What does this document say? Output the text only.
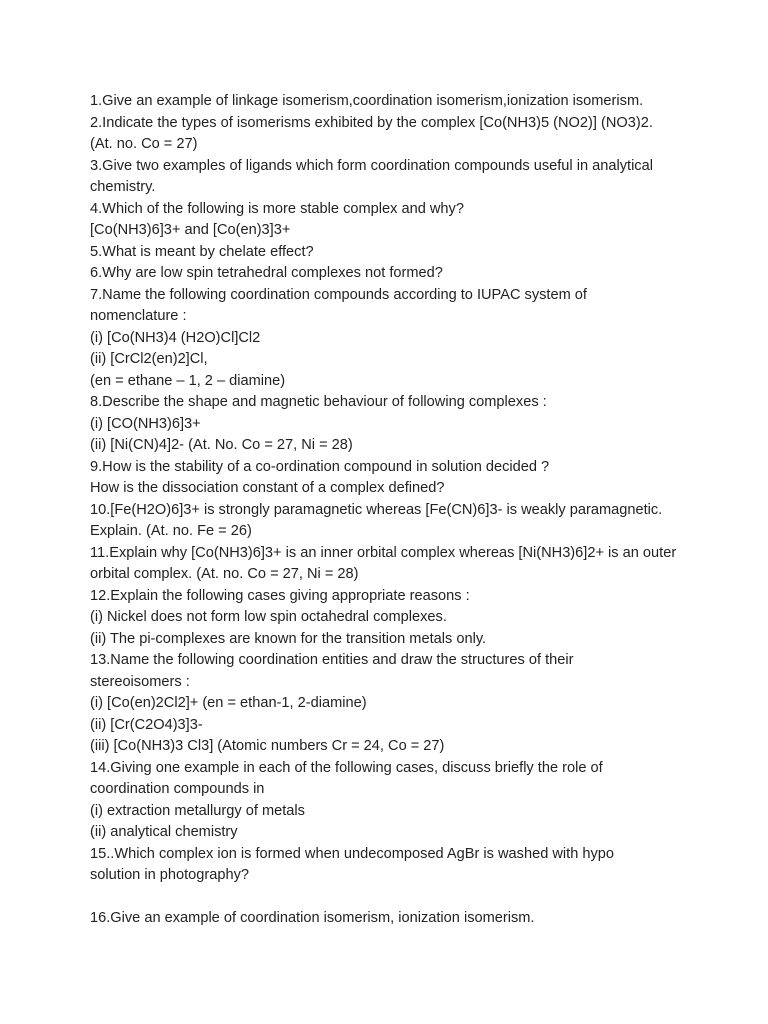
1.Give an example of linkage isomerism,coordination isomerism,ionization isomerism.
2.Indicate the types of isomerisms exhibited by the complex [Co(NH3)5 (NO2)] (NO3)2.
(At. no. Co = 27)
3.Give two examples of ligands which form coordination compounds useful in analytical
chemistry.
4.Which of the following is more stable complex and why?
[Co(NH3)6]3+ and [Co(en)3]3+
5.What is meant by chelate effect?
6.Why are low spin tetrahedral complexes not formed?
7.Name the following coordination compounds according to IUPAC system of
nomenclature :
(i) [Co(NH3)4 (H2O)Cl]Cl2
(ii) [CrCl2(en)2]Cl,
(en = ethane – 1, 2 – diamine)
8.Describe the shape and magnetic behaviour of following complexes :
(i) [CO(NH3)6]3+
(ii) [Ni(CN)4]2- (At. No. Co = 27, Ni = 28)
9.How is the stability of a co-ordination compound in solution decided ?
How is the dissociation constant of a complex defined?
10.[Fe(H2O)6]3+ is strongly paramagnetic whereas [Fe(CN)6]3- is weakly paramagnetic.
Explain. (At. no. Fe = 26)
11.Explain why [Co(NH3)6]3+ is an inner orbital complex whereas [Ni(NH3)6]2+ is an outer
orbital complex. (At. no. Co = 27, Ni = 28)
12.Explain the following cases giving appropriate reasons :
(i) Nickel does not form low spin octahedral complexes.
(ii) The pi-complexes are known for the transition metals only.
13.Name the following coordination entities and draw the structures of their
stereoisomers :
(i) [Co(en)2Cl2]+ (en = ethan-1, 2-diamine)
(ii) [Cr(C2O4)3]3-
(iii) [Co(NH3)3 Cl3] (Atomic numbers Cr = 24, Co = 27)
14.Giving one example in each of the following cases, discuss briefly the role of
coordination compounds in
(i) extraction metallurgy of metals
(ii) analytical chemistry
15..Which complex ion is formed when undecomposed AgBr is washed with hypo
solution in photography?
16.Give an example of coordination isomerism, ionization isomerism.
